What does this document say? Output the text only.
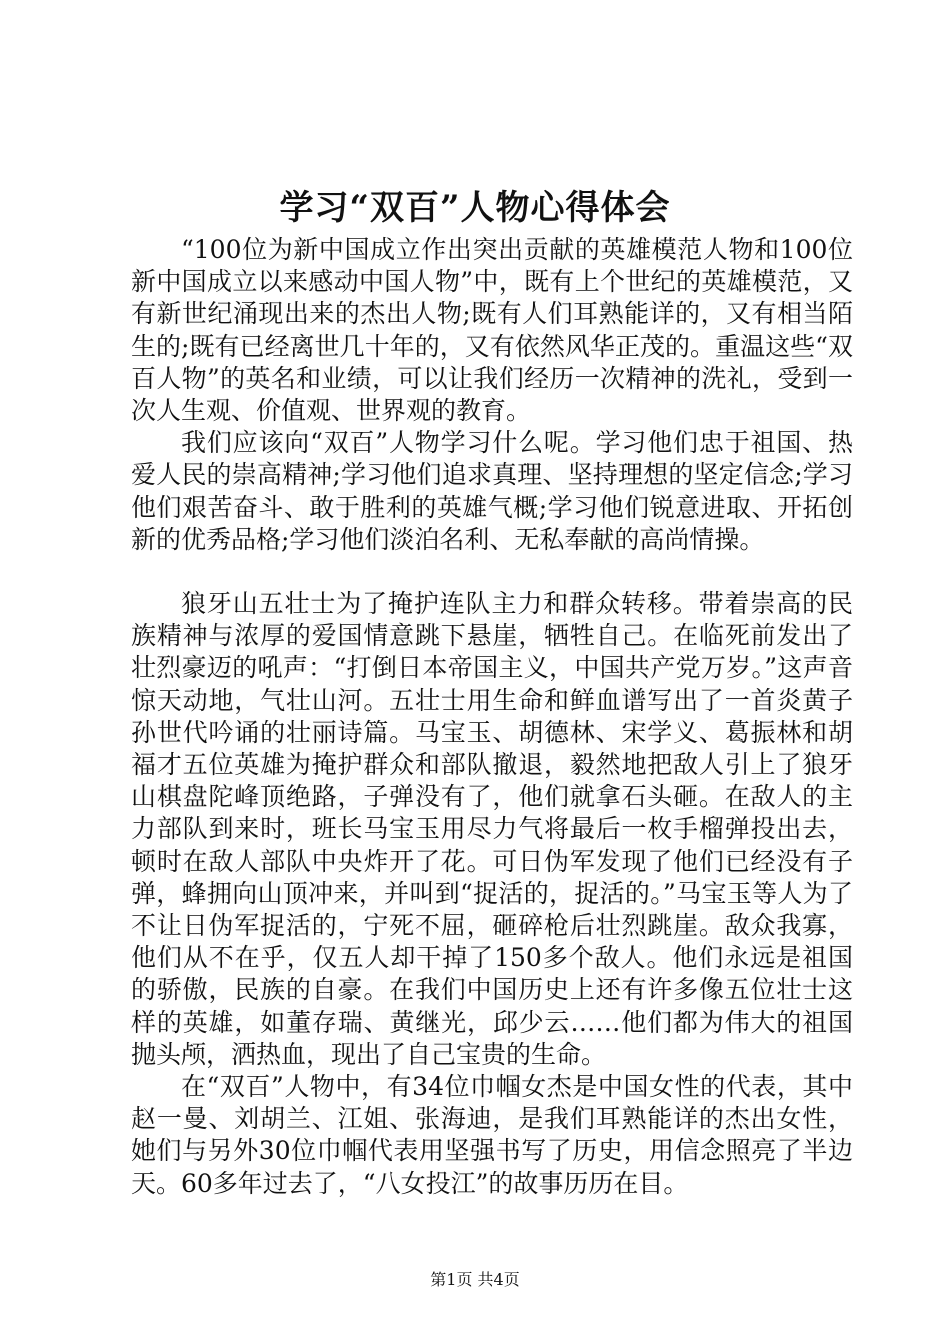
学习“双百”人物心得体会

“100位为新中国成立作出突出贡献的英雄模范人物和100位新中国成立以来感动中国人物”中，既有上个世纪的英雄模范，又有新世纪涌现出来的杰出人物;既有人们耳熟能详的，又有相当陌生的;既有已经离世几十年的，又有依然风华正茂的。重温这些“双百人物”的英名和业绩，可以让我们经历一次精神的洗礼，受到一次人生观、价值观、世界观的教育。

我们应该向“双百”人物学习什么呢。学习他们忠于祖国、热爱人民的崇高精神;学习他们追求真理、坚持理想的坚定信念;学习他们艰苦奋斗、敢于胜利的英雄气概;学习他们锐意进取、开拓创新的优秀品格;学习他们淡泊名利、无私奉献的高尚情操。

狼牙山五壮士为了掩护连队主力和群众转移。带着崇高的民族精神与浓厚的爱国情意跳下悬崖，牺牲自己。在临死前发出了壮烈豪迈的吼声：“打倒日本帝国主义，中国共产党万岁。”这声音惊天动地，气壮山河。五壮士用生命和鲜血谱写出了一首炎黄子孙世代吟诵的壮丽诗篇。马宝玉、胡德林、宋学义、葛振林和胡福才五位英雄为掩护群众和部队撤退，毅然地把敌人引上了狼牙山棋盘陀峰顶绝路，子弹没有了，他们就拿石头砸。在敌人的主力部队到来时，班长马宝玉用尽力气将最后一枚手榴弹投出去，顿时在敌人部队中央炸开了花。可日伪军发现了他们已经没有子弹，蜂拥向山顶冲来，并叫到“捉活的，捉活的。”马宝玉等人为了不让日伪军捉活的，宁死不屈，砸碎枪后壮烈跳崖。敌众我寡，他们从不在乎，仅五人却干掉了150多个敌人。他们永远是祖国的骄傲，民族的自豪。在我们中国历史上还有许多像五位壮士这样的英雄，如董存瑞、黄继光，邱少云……他们都为伟大的祖国抛头颅，洒热血，现出了自己宝贵的生命。

在“双百”人物中，有34位巾帼女杰是中国女性的代表，其中赵一曼、刘胡兰、江姐、张海迪，是我们耳熟能详的杰出女性，她们与另外30位巾帼代表用坚强书写了历史，用信念照亮了半边天。60多年过去了，“八女投江”的故事历历在目。

第1页 共4页
